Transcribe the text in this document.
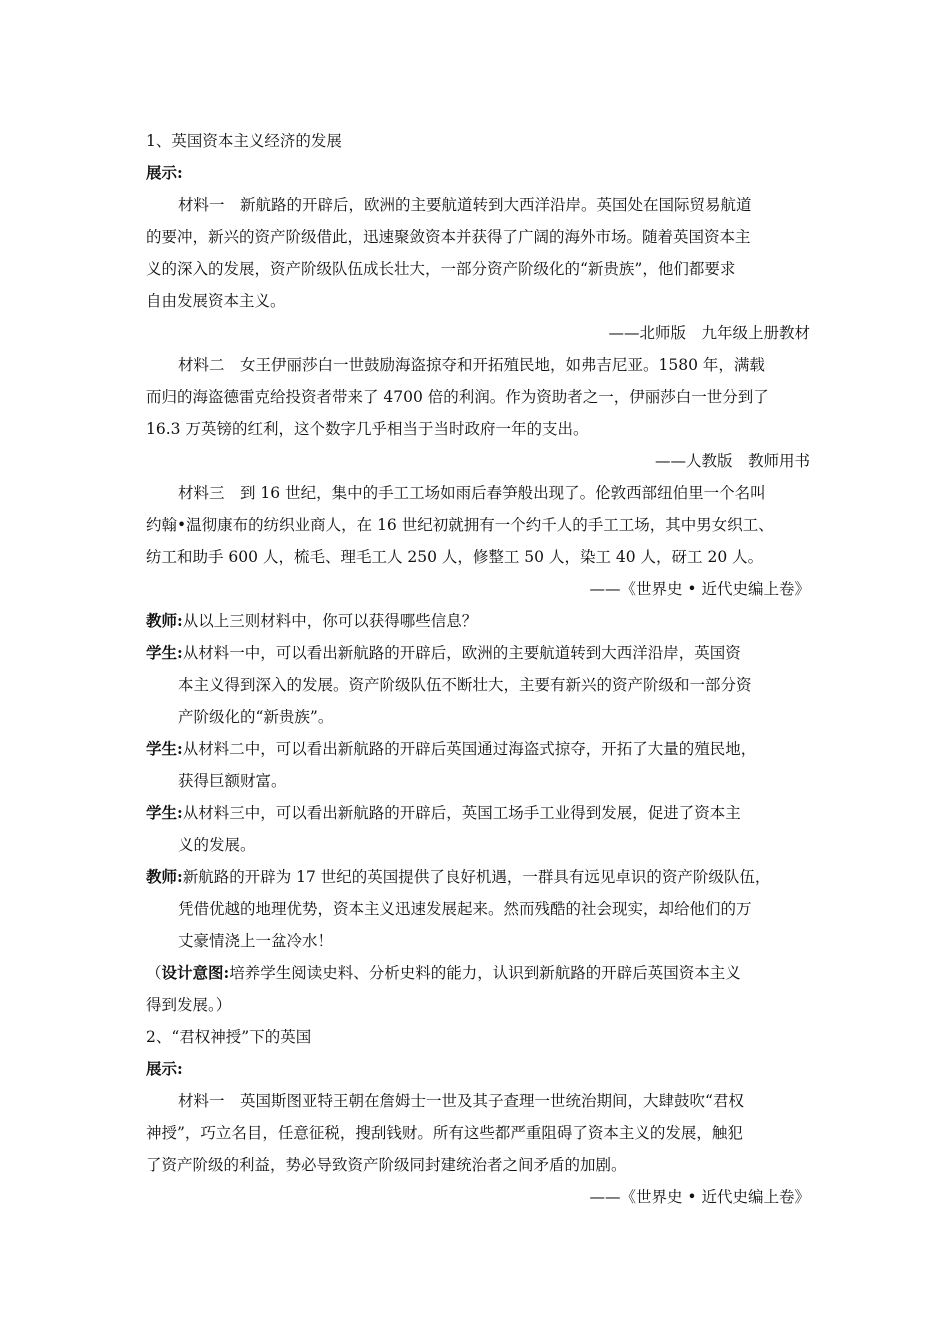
1、英国资本主义经济的发展
展示:
材料一　新航路的开辟后，欧洲的主要航道转到大西洋沿岸。英国处在国际贸易航道
的要冲，新兴的资产阶级借此，迅速聚敛资本并获得了广阔的海外市场。随着英国资本主
义的深入的发展，资产阶级队伍成长壮大，一部分资产阶级化的“新贵族”，他们都要求
自由发展资本主义。
——北师版　九年级上册教材
材料二　女王伊丽莎白一世鼓励海盗掠夺和开拓殖民地，如弗吉尼亚。1580 年，满载
而归的海盗德雷克给投资者带来了 4700 倍的利润。作为资助者之一，伊丽莎白一世分到了
16.3 万英镑的红利，这个数字几乎相当于当时政府一年的支出。
——人教版　教师用书
材料三　到 16 世纪，集中的手工工场如雨后春笋般出现了。伦敦西部纽伯里一个名叫
约翰•温彻康布的纺织业商人，在 16 世纪初就拥有一个约千人的手工工场，其中男女织工、
纺工和助手 600 人，梳毛、理毛工人 250 人，修整工 50 人，染工 40 人，砑工 20 人。
——《世界史 • 近代史编上卷》
教师:从以上三则材料中，你可以获得哪些信息？
学生:从材料一中，可以看出新航路的开辟后，欧洲的主要航道转到大西洋沿岸，英国资
本主义得到深入的发展。资产阶级队伍不断壮大，主要有新兴的资产阶级和一部分资
产阶级化的“新贵族”。
学生:从材料二中，可以看出新航路的开辟后英国通过海盗式掠夺，开拓了大量的殖民地，
获得巨额财富。
学生:从材料三中，可以看出新航路的开辟后，英国工场手工业得到发展，促进了资本主
义的发展。
教师:新航路的开辟为 17 世纪的英国提供了良好机遇，一群具有远见卓识的资产阶级队伍，
凭借优越的地理优势，资本主义迅速发展起来。然而残酷的社会现实，却给他们的万
丈豪情浇上一盆冷水！
（设计意图:培养学生阅读史料、分析史料的能力，认识到新航路的开辟后英国资本主义
得到发展。）
2、“君权神授”下的英国
展示:
材料一　英国斯图亚特王朝在詹姆士一世及其子查理一世统治期间，大肆鼓吹“君权
神授”，巧立名目，任意征税，搜刮钱财。所有这些都严重阻碍了资本主义的发展，触犯
了资产阶级的利益，势必导致资产阶级同封建统治者之间矛盾的加剧。
——《世界史 • 近代史编上卷》
